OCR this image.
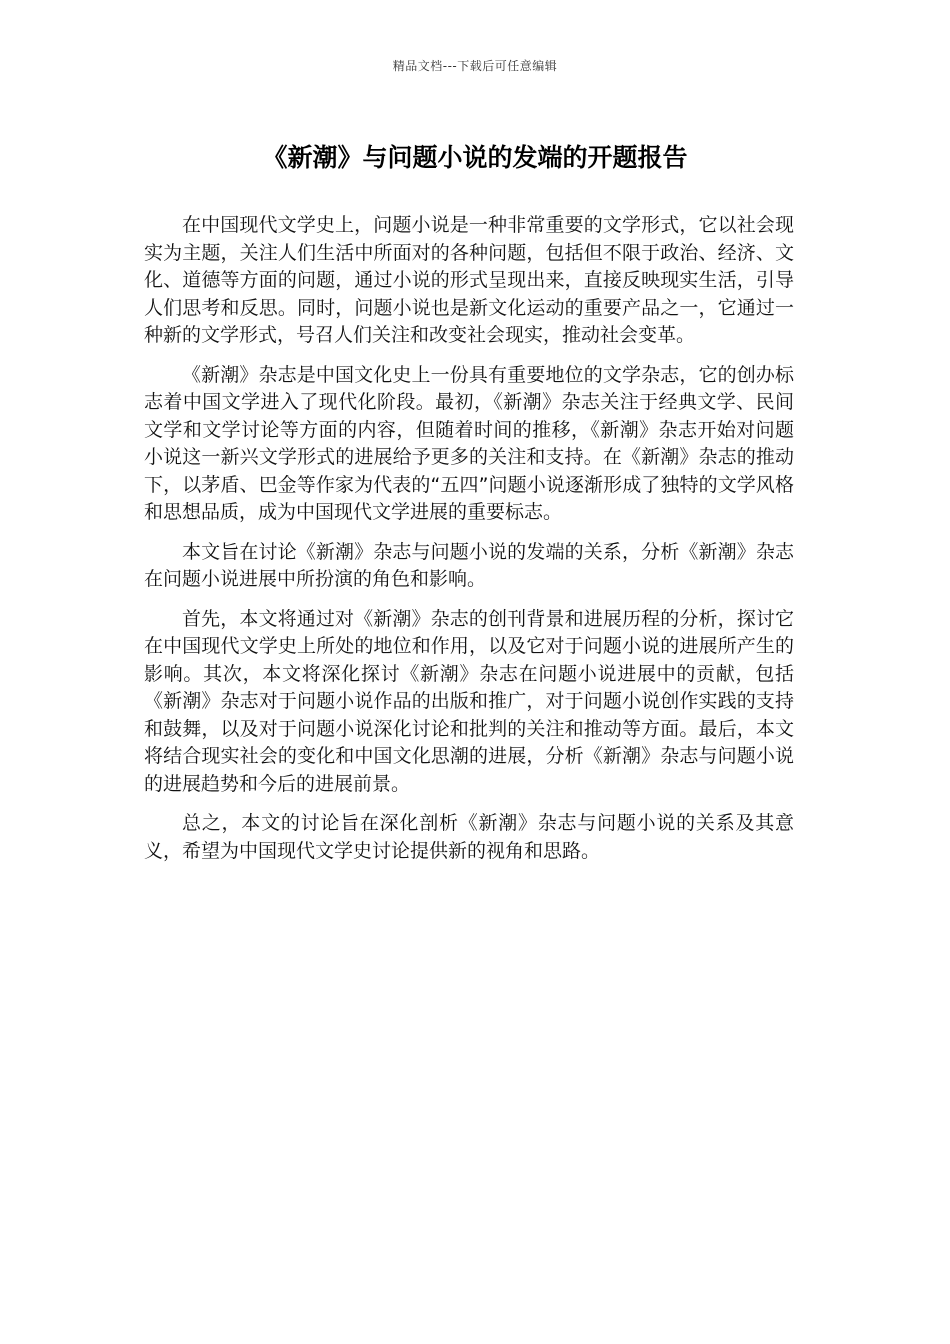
精品文档---下载后可任意编辑
《新潮》与问题小说的发端的开题报告

在中国现代文学史上，问题小说是一种非常重要的文学形式，它以社会现实为主题，关注人们生活中所面对的各种问题，包括但不限于政治、经济、文化、道德等方面的问题，通过小说的形式呈现出来，直接反映现实生活，引导人们思考和反思。同时，问题小说也是新文化运动的重要产品之一，它通过一种新的文学形式，号召人们关注和改变社会现实，推动社会变革。

《新潮》杂志是中国文化史上一份具有重要地位的文学杂志，它的创办标志着中国文学进入了现代化阶段。最初，《新潮》杂志关注于经典文学、民间文学和文学讨论等方面的内容，但随着时间的推移，《新潮》杂志开始对问题小说这一新兴文学形式的进展给予更多的关注和支持。在《新潮》杂志的推动下，以茅盾、巴金等作家为代表的“五四”问题小说逐渐形成了独特的文学风格和思想品质，成为中国现代文学进展的重要标志。

本文旨在讨论《新潮》杂志与问题小说的发端的关系，分析《新潮》杂志在问题小说进展中所扮演的角色和影响。

首先，本文将通过对《新潮》杂志的创刊背景和进展历程的分析，探讨它在中国现代文学史上所处的地位和作用，以及它对于问题小说的进展所产生的影响。其次，本文将深化探讨《新潮》杂志在问题小说进展中的贡献，包括《新潮》杂志对于问题小说作品的出版和推广，对于问题小说创作实践的支持和鼓舞，以及对于问题小说深化讨论和批判的关注和推动等方面。最后，本文将结合现实社会的变化和中国文化思潮的进展，分析《新潮》杂志与问题小说的进展趋势和今后的进展前景。

总之，本文的讨论旨在深化剖析《新潮》杂志与问题小说的关系及其意义，希望为中国现代文学史讨论提供新的视角和思路。
